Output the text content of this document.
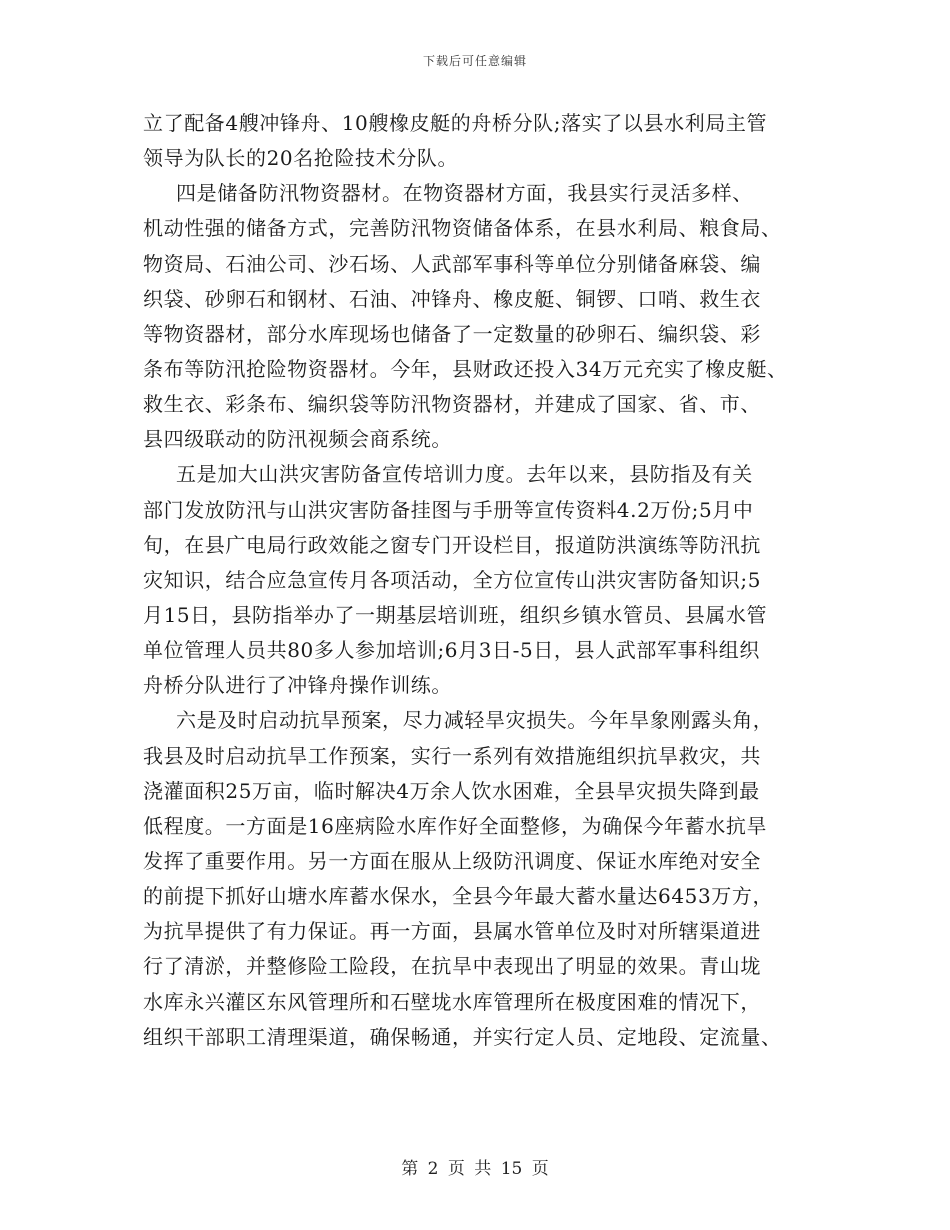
下载后可任意编辑
立了配备4艘冲锋舟、10艘橡皮艇的舟桥分队;落实了以县水利局主管
领导为队长的20名抢险技术分队。
四是储备防汛物资器材。在物资器材方面，我县实行灵活多样、
机动性强的储备方式，完善防汛物资储备体系，在县水利局、粮食局、
物资局、石油公司、沙石场、人武部军事科等单位分别储备麻袋、编
织袋、砂卵石和钢材、石油、冲锋舟、橡皮艇、铜锣、口哨、救生衣
等物资器材，部分水库现场也储备了一定数量的砂卵石、编织袋、彩
条布等防汛抢险物资器材。今年，县财政还投入34万元充实了橡皮艇、
救生衣、彩条布、编织袋等防汛物资器材，并建成了国家、省、市、
县四级联动的防汛视频会商系统。
五是加大山洪灾害防备宣传培训力度。去年以来，县防指及有关
部门发放防汛与山洪灾害防备挂图与手册等宣传资料4.2万份;5月中
旬，在县广电局行政效能之窗专门开设栏目，报道防洪演练等防汛抗
灾知识，结合应急宣传月各项活动，全方位宣传山洪灾害防备知识;5
月15日，县防指举办了一期基层培训班，组织乡镇水管员、县属水管
单位管理人员共80多人参加培训;6月3日-5日，县人武部军事科组织
舟桥分队进行了冲锋舟操作训练。
六是及时启动抗旱预案，尽力减轻旱灾损失。今年旱象刚露头角，
我县及时启动抗旱工作预案，实行一系列有效措施组织抗旱救灾，共
浇灌面积25万亩，临时解决4万余人饮水困难，全县旱灾损失降到最
低程度。一方面是16座病险水库作好全面整修，为确保今年蓄水抗旱
发挥了重要作用。另一方面在服从上级防汛调度、保证水库绝对安全
的前提下抓好山塘水库蓄水保水，全县今年最大蓄水量达6453万方，
为抗旱提供了有力保证。再一方面，县属水管单位及时对所辖渠道进
行了清淤，并整修险工险段，在抗旱中表现出了明显的效果。青山垅
水库永兴灌区东风管理所和石壁垅水库管理所在极度困难的情况下，
组织干部职工清理渠道，确保畅通，并实行定人员、定地段、定流量、
第 2 页 共 15 页
